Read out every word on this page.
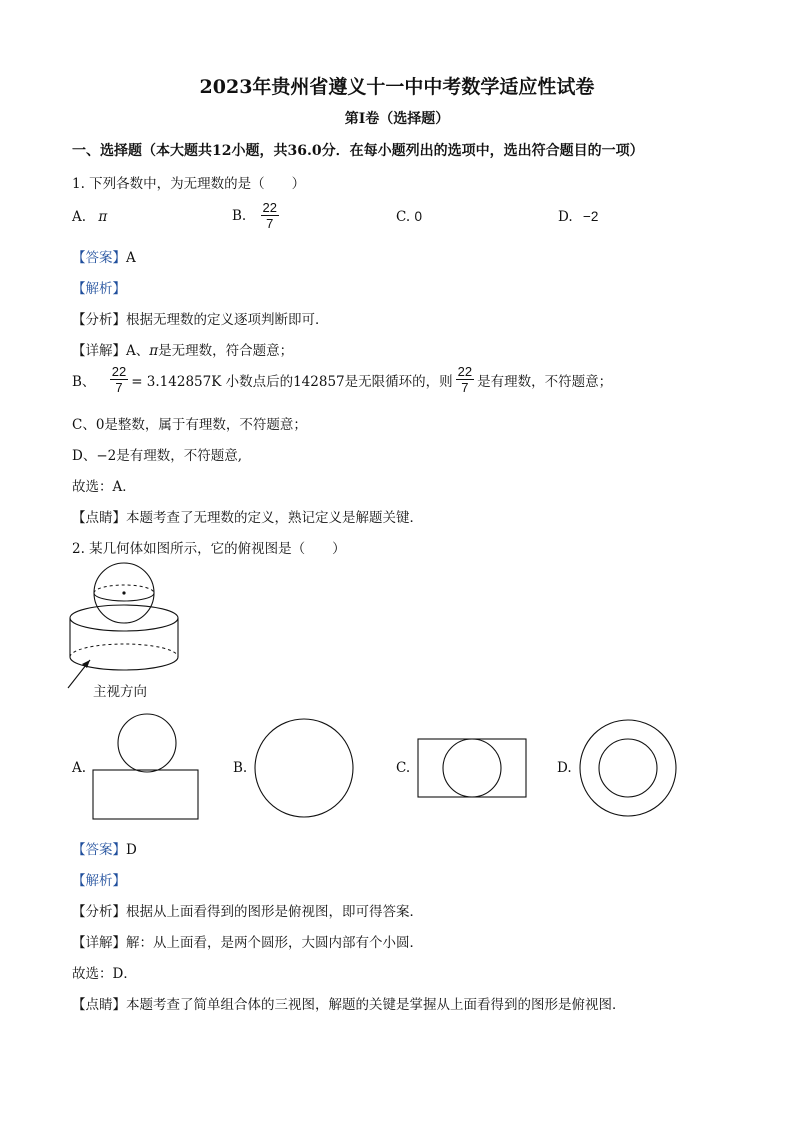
2023年贵州省遵义十一中中考数学适应性试卷
第I卷（选择题）
一、选择题（本大题共12小题，共36.0分．在每小题列出的选项中，选出符合题目的一项）
1. 下列各数中，为无理数的是（　　）
A. π	B. $\frac{22}{7}$	C. 0	D. −2
【答案】A
【解析】
【分析】根据无理数的定义逐项判断即可．
【详解】A、π是无理数，符合题意；
B、 $\frac{22}{7} = 3.142857K$ 小数点后的142857是无限循环的，则 $\frac{22}{7}$ 是有理数，不符题意；
C、0是整数，属于有理数，不符题意；
D、−2是有理数，不符题意,
故选：A．
【点睛】本题考查了无理数的定义，熟记定义是解题关键．
2. 某几何体如图所示，它的俯视图是（　　）
主视方向
A.	B.	C.	D.
【答案】D
【解析】
【分析】根据从上面看得到的图形是俯视图，即可得答案．
【详解】解：从上面看，是两个圆形，大圆内部有个小圆．
故选：D．
【点睛】本题考查了简单组合体的三视图，解题的关键是掌握从上面看得到的图形是俯视图．
